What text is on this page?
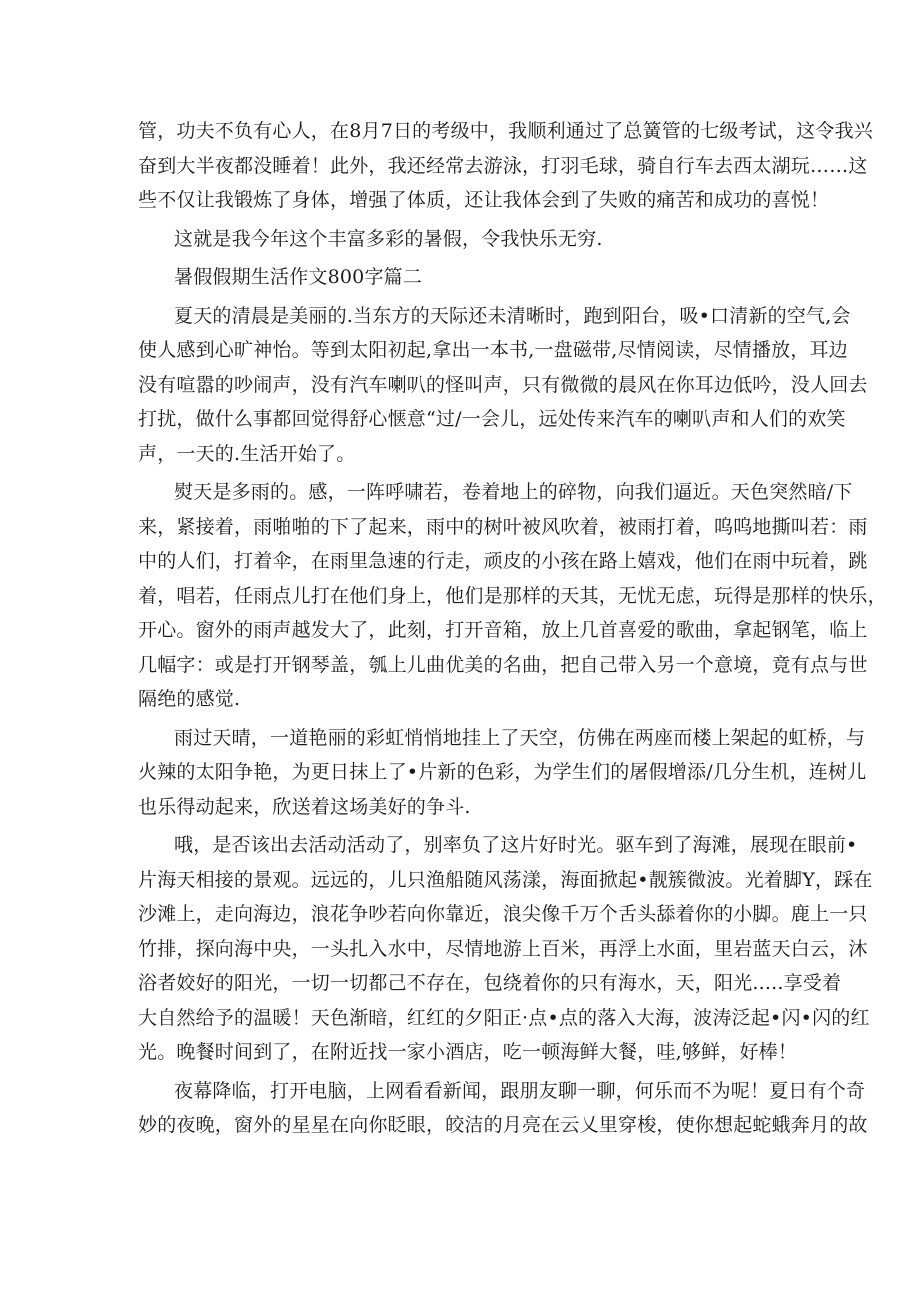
管，功夫不负有心人，在8月7日的考级中，我顺利通过了总簧管的七级考试，这令我兴
奋到大半夜都没睡着！此外，我还经常去游泳，打羽毛球，骑自行车去西太湖玩……这
些不仅让我锻炼了身体，增强了体质，还让我体会到了失败的痛苦和成功的喜悦！
这就是我今年这个丰富多彩的暑假，令我快乐无穷.
暑假假期生活作文800字篇二
夏天的清晨是美丽的.当东方的天际还未清晰时，跑到阳台，吸•口清新的空气,会
使人感到心旷神怡。等到太阳初起,拿出一本书,一盘磁带,尽情阅读，尽情播放，耳边
没有喧嚣的吵闹声，没有汽车喇叭的怪叫声，只有微微的晨风在你耳边低吟，没人回去
打扰，做什么事都回觉得舒心惬意“过/一会儿，远处传来汽车的喇叭声和人们的欢笑
声，一天的.生活开始了。
熨天是多雨的。感，一阵呼啸若，卷着地上的碎物，向我们逼近。天色突然暗/下
来，紧接着，雨啪啪的下了起来，雨中的树叶被风吹着，被雨打着，呜呜地撕叫若：雨
中的人们，打着伞，在雨里急速的行走，顽皮的小孩在路上嬉戏，他们在雨中玩着，跳
着，唱若，任雨点儿打在他们身上，他们是那样的天其，无忧无虑，玩得是那样的快乐，
开心。窗外的雨声越发大了，此刻，打开音箱，放上几首喜爱的歌曲，拿起钢笔，临上
几幅字：或是打开钢琴盖，瓠上儿曲优美的名曲，把自己带入另一个意境，竟有点与世
隔绝的感觉.
雨过天晴，一道艳丽的彩虹悄悄地挂上了天空，仿佛在两座而楼上架起的虹桥，与
火辣的太阳争艳，为更日抹上了•片新的色彩，为学生们的屠假增添/几分生机，连树儿
也乐得动起来，欣送着这场美好的争斗.
哦，是否该出去活动活动了，别率负了这片好时光。驱车到了海滩，展现在眼前•
片海天相接的景观。远远的，儿只渔船随风荡漾，海面掀起•靓簇微波。光着脚Y，踩在
沙滩上，走向海边，浪花争吵若向你靠近，浪尖像千万个舌头舔着你的小脚。鹿上一只
竹排，探向海中央，一头扎入水中，尽情地游上百米，再浮上水面，里岩蓝天白云，沐
浴者姣好的阳光，一切一切都己不存在，包绕着你的只有海水，天，阳光.....享受着
大自然给予的温暖！天色渐暗，红红的夕阳正·点•点的落入大海，波涛泛起•闪•闪的红
光。晚餐时间到了，在附近找一家小酒店，吃一顿海鲜大餐，哇,够鲜，好棒！
夜幕降临，打开电脑，上网看看新闻，跟朋友聊一聊，何乐而不为呢！夏日有个奇
妙的夜晚，窗外的星星在向你眨眼，皎洁的月亮在云乂里穿梭，使你想起蛇蛾奔月的故
